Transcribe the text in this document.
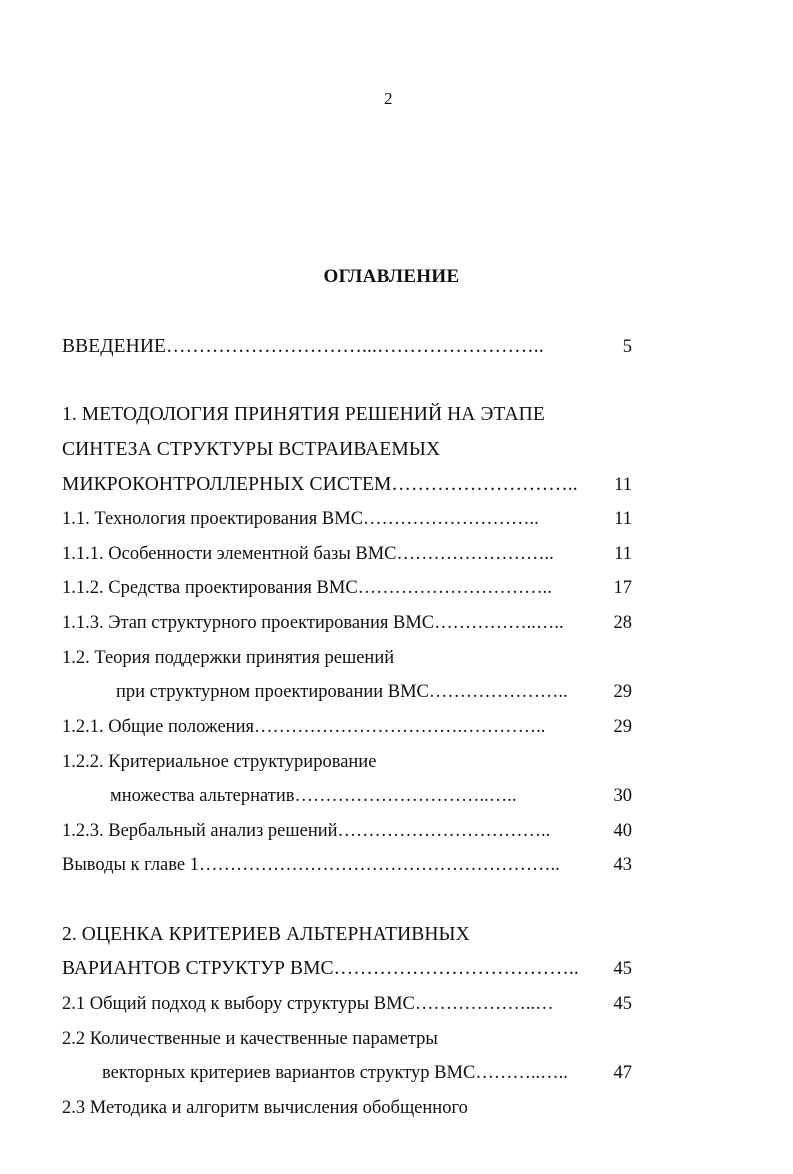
2
ОГЛАВЛЕНИЕ
ВВЕДЕНИЕ…………………………...……………………..	5
1. МЕТОДОЛОГИЯ ПРИНЯТИЯ РЕШЕНИЙ НА ЭТАПЕ
СИНТЕЗА СТРУКТУРЫ ВСТРАИВАЕМЫХ
МИКРОКОНТРОЛЛЕРНЫХ СИСТЕМ………………………..	11
1.1. Технология проектирования ВМС………………………..	11
1.1.1. Особенности элементной базы ВМС……………………..	11
1.1.2. Средства проектирования ВМС…………………………..	17
1.1.3. Этап структурного проектирования ВМС……………..…..	28
1.2. Теория поддержки принятия решений
при структурном проектировании ВМС…………………..	29
1.2.1. Общие положения…………………………….…………..	29
1.2.2. Критериальное структурирование
множества альтернатив…………………………..…..	30
1.2.3. Вербальный анализ решений……………………………..	40
Выводы к главе 1…………………………………………………..	43
2. ОЦЕНКА КРИТЕРИЕВ АЛЬТЕРНАТИВНЫХ
ВАРИАНТОВ СТРУКТУР ВМС………………………………..	45
2.1 Общий подход к выбору структуры ВМС………………..…	45
2.2 Количественные и качественные параметры
векторных критериев вариантов структур ВМС………..…..	47
2.3 Методика и алгоритм вычисления обобщенного
